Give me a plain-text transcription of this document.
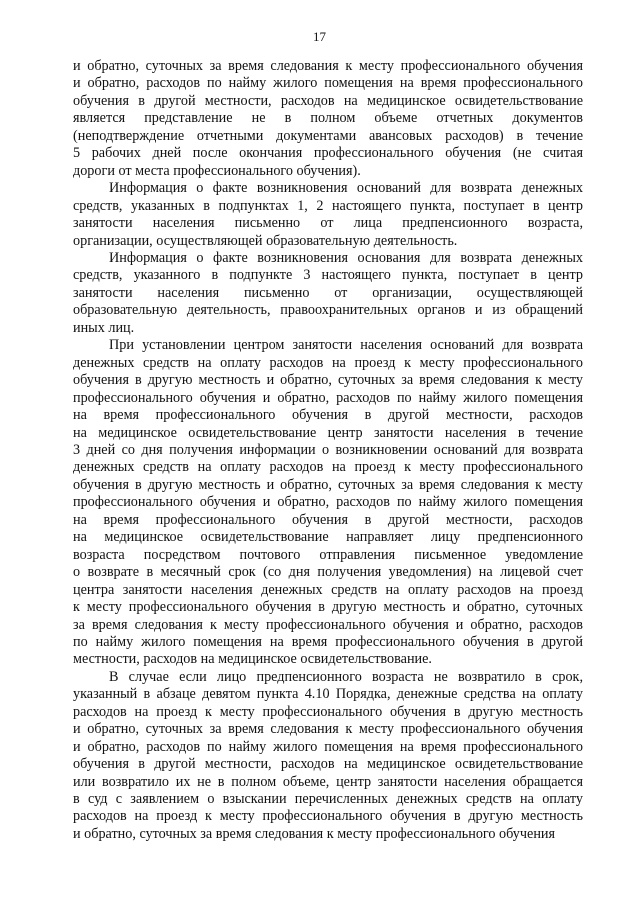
17
и обратно, суточных за время следования к месту профессионального обучения
и обратно, расходов по найму жилого помещения на время профессионального
обучения в другой местности, расходов на медицинское освидетельствование
является представление не в полном объеме отчетных документов
(неподтверждение отчетными документами авансовых расходов) в течение
5 рабочих дней после окончания профессионального обучения (не считая
дороги от места профессионального обучения).
Информация о факте возникновения оснований для возврата денежных
средств, указанных в подпунктах 1, 2 настоящего пункта, поступает в центр
занятости населения письменно от лица предпенсионного возраста,
организации, осуществляющей образовательную деятельность.
Информация о факте возникновения основания для возврата денежных
средств, указанного в подпункте 3 настоящего пункта, поступает в центр
занятости населения письменно от организации, осуществляющей
образовательную деятельность, правоохранительных органов и из обращений
иных лиц.
При установлении центром занятости населения оснований для возврата
денежных средств на оплату расходов на проезд к месту профессионального
обучения в другую местность и обратно, суточных за время следования к месту
профессионального обучения и обратно, расходов по найму жилого помещения
на время профессионального обучения в другой местности, расходов
на медицинское освидетельствование центр занятости населения в течение
3 дней со дня получения информации о возникновении оснований для возврата
денежных средств на оплату расходов на проезд к месту профессионального
обучения в другую местность и обратно, суточных за время следования к месту
профессионального обучения и обратно, расходов по найму жилого помещения
на время профессионального обучения в другой местности, расходов
на медицинское освидетельствование направляет лицу предпенсионного
возраста посредством почтового отправления письменное уведомление
о возврате в месячный срок (со дня получения уведомления) на лицевой счет
центра занятости населения денежных средств на оплату расходов на проезд
к месту профессионального обучения в другую местность и обратно, суточных
за время следования к месту профессионального обучения и обратно, расходов
по найму жилого помещения на время профессионального обучения в другой
местности, расходов на медицинское освидетельствование.
В случае если лицо предпенсионного возраста не возвратило в срок,
указанный в абзаце девятом пункта 4.10 Порядка, денежные средства на оплату
расходов на проезд к месту профессионального обучения в другую местность
и обратно, суточных за время следования к месту профессионального обучения
и обратно, расходов по найму жилого помещения на время профессионального
обучения в другой местности, расходов на медицинское освидетельствование
или возвратило их не в полном объеме, центр занятости населения обращается
в суд с заявлением о взыскании перечисленных денежных средств на оплату
расходов на проезд к месту профессионального обучения в другую местность
и обратно, суточных за время следования к месту профессионального обучения
